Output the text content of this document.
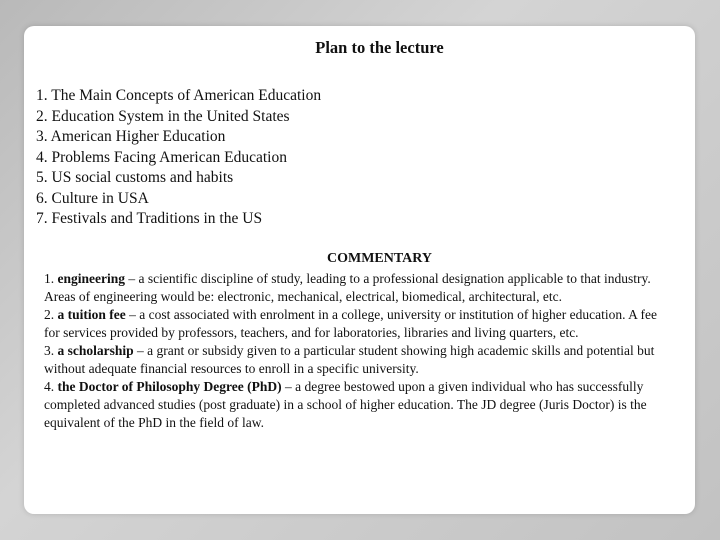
Plan to the lecture
1. The Main Concepts of American Education
2. Education System in the United States
3. American Higher Education
4. Problems Facing American Education
5. US social customs and habits
6. Culture in USA
7. Festivals and Traditions in the US
COMMENTARY

1. engineering – a scientific discipline of study, leading to a professional designation applicable to that industry. Areas of engineering would be: electronic, mechanical, electrical, biomedical, architectural, etc.

2. a tuition fee – a cost associated with enrolment in a college, university or institution of higher education. A fee for services provided by professors, teachers, and for laboratories, libraries and living quarters, etc.

3. a scholarship – a grant or subsidy given to a particular student showing high academic skills and potential but without adequate financial resources to enroll in a specific university.

4. the Doctor of Philosophy Degree (PhD) – a degree bestowed upon a given individual who has successfully completed advanced studies (post graduate) in a school of higher education. The JD degree (Juris Doctor) is the equivalent of the PhD in the field of law.
